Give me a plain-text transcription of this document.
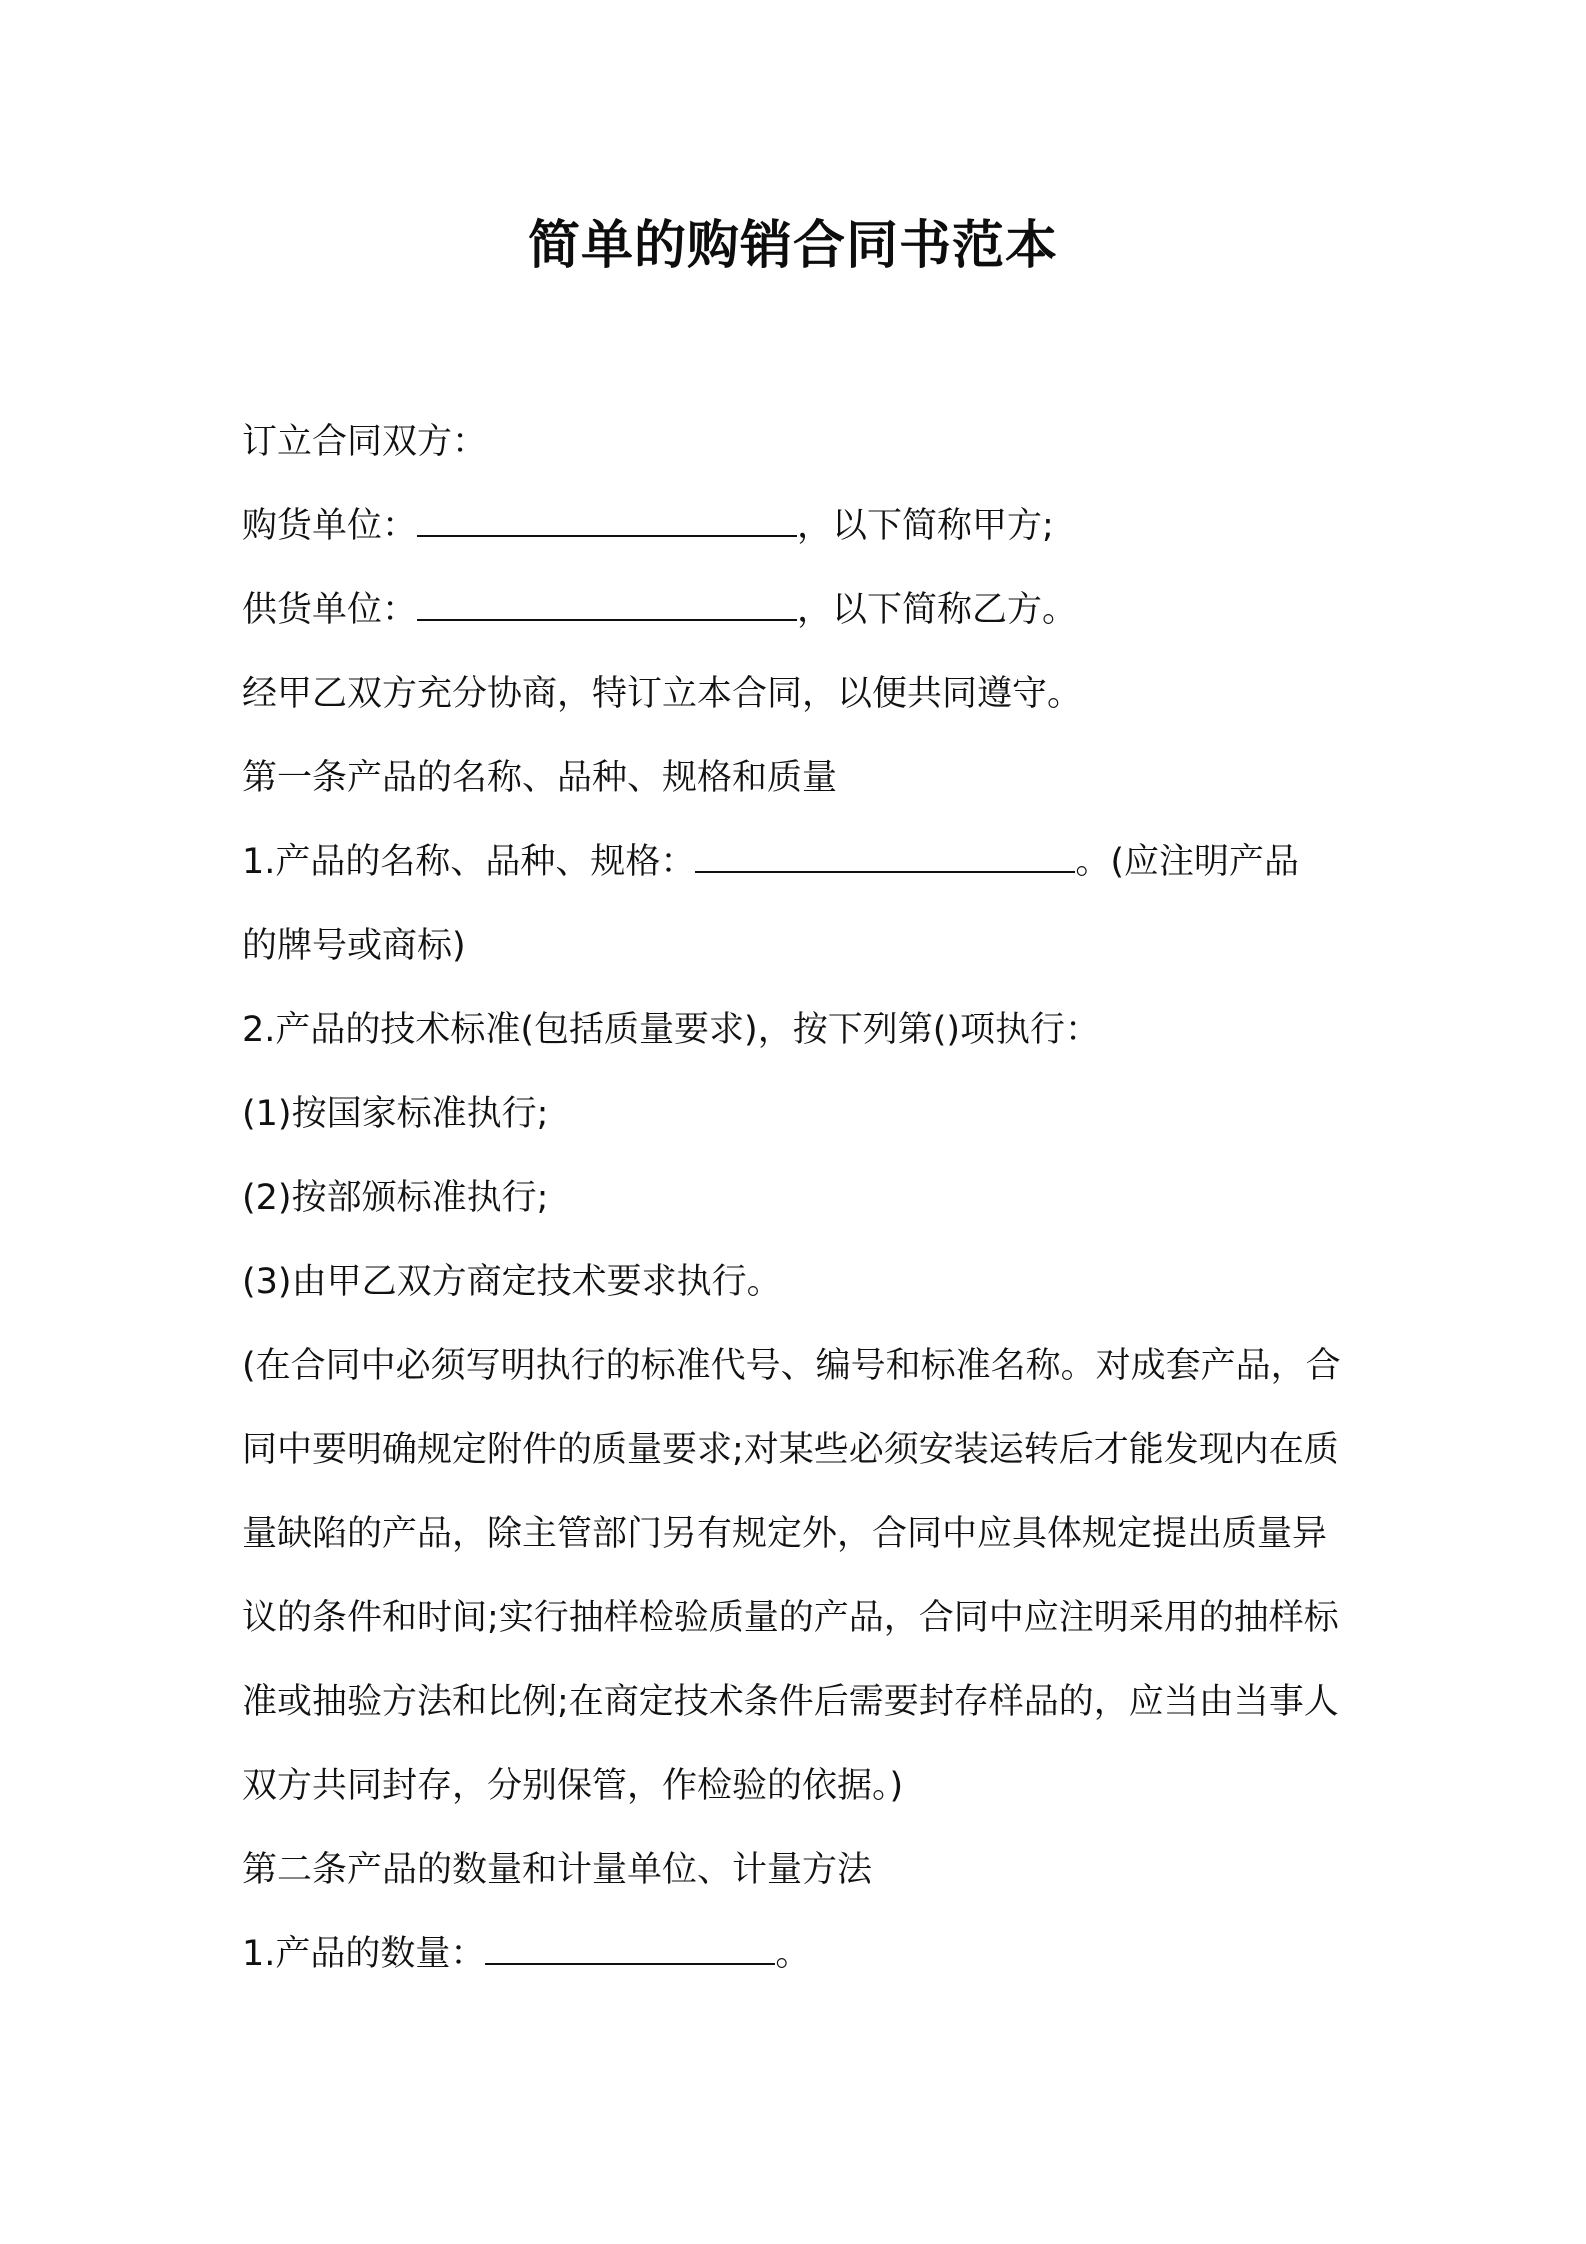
简单的购销合同书范本

订立合同双方：

购货单位：	，以下简称甲方;

供货单位：	，以下简称乙方。

经甲乙双方充分协商，特订立本合同，以便共同遵守。

第一条产品的名称、品种、规格和质量

1.产品的名称、品种、规格：	。(应注明产品

的牌号或商标)

2.产品的技术标准(包括质量要求)，按下列第()项执行：

(1)按国家标准执行;

(2)按部颁标准执行;

(3)由甲乙双方商定技术要求执行。

(在合同中必须写明执行的标准代号、编号和标准名称。对成套产品，合同中要明确规定附件的质量要求;对某些必须安装运转后才能发现内在质量缺陷的产品，除主管部门另有规定外，合同中应具体规定提出质量异议的条件和时间;实行抽样检验质量的产品，合同中应注明采用的抽样标准或抽验方法和比例;在商定技术条件后需要封存样品的，应当由当事人双方共同封存，分别保管，作检验的依据。)

第二条产品的数量和计量单位、计量方法

1.产品的数量：	。
